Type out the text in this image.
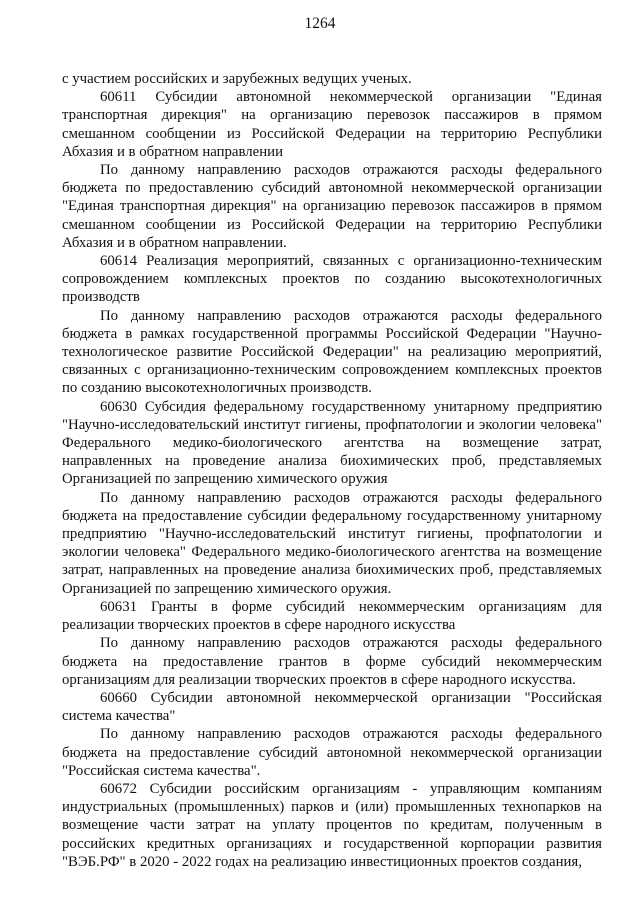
1264

с участием российских и зарубежных ведущих ученых.

60611 Субсидии автономной некоммерческой организации "Единая транспортная дирекция" на организацию перевозок пассажиров в прямом смешанном сообщении из Российской Федерации на территорию Республики Абхазия и в обратном направлении

По данному направлению расходов отражаются расходы федерального бюджета по предоставлению субсидий автономной некоммерческой организации "Единая транспортная дирекция" на организацию перевозок пассажиров в прямом смешанном сообщении из Российской Федерации на территорию Республики Абхазия и в обратном направлении.

60614 Реализация мероприятий, связанных с организационно-техническим сопровождением комплексных проектов по созданию высокотехнологичных производств

По данному направлению расходов отражаются расходы федерального бюджета в рамках государственной программы Российской Федерации "Научно-технологическое развитие Российской Федерации" на реализацию мероприятий, связанных с организационно-техническим сопровождением комплексных проектов по созданию высокотехнологичных производств.

60630 Субсидия федеральному государственному унитарному предприятию "Научно-исследовательский институт гигиены, профпатологии и экологии человека" Федерального медико-биологического агентства на возмещение затрат, направленных на проведение анализа биохимических проб, представляемых Организацией по запрещению химического оружия

По данному направлению расходов отражаются расходы федерального бюджета на предоставление субсидии федеральному государственному унитарному предприятию "Научно-исследовательский институт гигиены, профпатологии и экологии человека" Федерального медико-биологического агентства на возмещение затрат, направленных на проведение анализа биохимических проб, представляемых Организацией по запрещению химического оружия.

60631 Гранты в форме субсидий некоммерческим организациям для реализации творческих проектов в сфере народного искусства

По данному направлению расходов отражаются расходы федерального бюджета на предоставление грантов в форме субсидий некоммерческим организациям для реализации творческих проектов в сфере народного искусства.

60660 Субсидии автономной некоммерческой организации "Российская система качества"

По данному направлению расходов отражаются расходы федерального бюджета на предоставление субсидий автономной некоммерческой организации "Российская система качества".

60672 Субсидии российским организациям - управляющим компаниям индустриальных (промышленных) парков и (или) промышленных технопарков на возмещение части затрат на уплату процентов по кредитам, полученным в российских кредитных организациях и государственной корпорации развития "ВЭБ.РФ" в 2020 - 2022 годах на реализацию инвестиционных проектов создания,
